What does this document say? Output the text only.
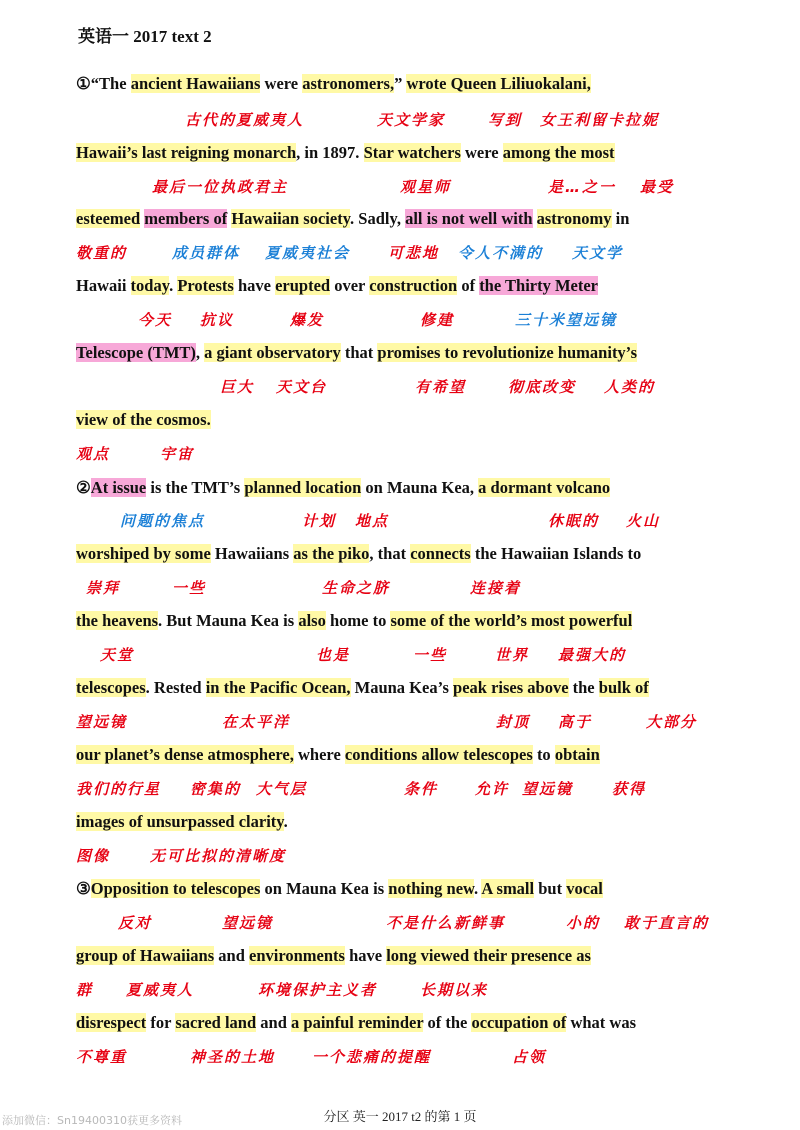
英语一 2017 text 2
①“The ancient Hawaiians were astronomers,” wrote Queen Liliuokalani,
古代的夏威夷人	天文学家	写到 女王利留卡拉妮
Hawaii’s last reigning monarch, in 1897. Star watchers were among the most
最后一位执政君主	观星师	是…之一 最受
esteemed members of Hawaiian society. Sadly, all is not well with astronomy in
敬重的	成员群体 夏威夷社会	可悲地 令人不满的 天文学
Hawaii today. Protests have erupted over construction of the Thirty Meter
今天 抗议	爆发	修建	三十米望远镜
Telescope (TMT), a giant observatory that promises to revolutionize humanity’s
巨大 天文台	有希望	彻底改变 人类的
view of the cosmos.
观点	宇宙
②At issue is the TMT’s planned location on Mauna Kea, a dormant volcano
问题的焦点	计划 地点	休眠的 火山
worshiped by some Hawaiians as the piko, that connects the Hawaiian Islands to
崇拜	一些	生命之脐	连接着
the heavens. But Mauna Kea is also home to some of the world’s most powerful
天堂	也是	一些	世界 最强大的
telescopes. Rested in the Pacific Ocean, Mauna Kea’s peak rises above the bulk of
望远镜	在太平洋	封顶 高于	大部分
our planet’s dense atmosphere, where conditions allow telescopes to obtain
我们的行星 密集的 大气层	条件 允许 望远镜	获得
images of unsurpassed clarity.
图像	无可比拟的清晰度
③Opposition to telescopes on Mauna Kea is nothing new. A small but vocal
反对	望远镜	不是什么新鲜事	小的 敢于直言的
group of Hawaiians and environments have long viewed their presence as
群 夏威夷人	环境保护主义者	长期以来
disrespect for sacred land and a painful reminder of the occupation of what was
不尊重	神圣的土地 一个悲痛的提醒	占领
分区 英一 2017 t2 的第 1 页
添加微信：Sn19400310获更多资料
